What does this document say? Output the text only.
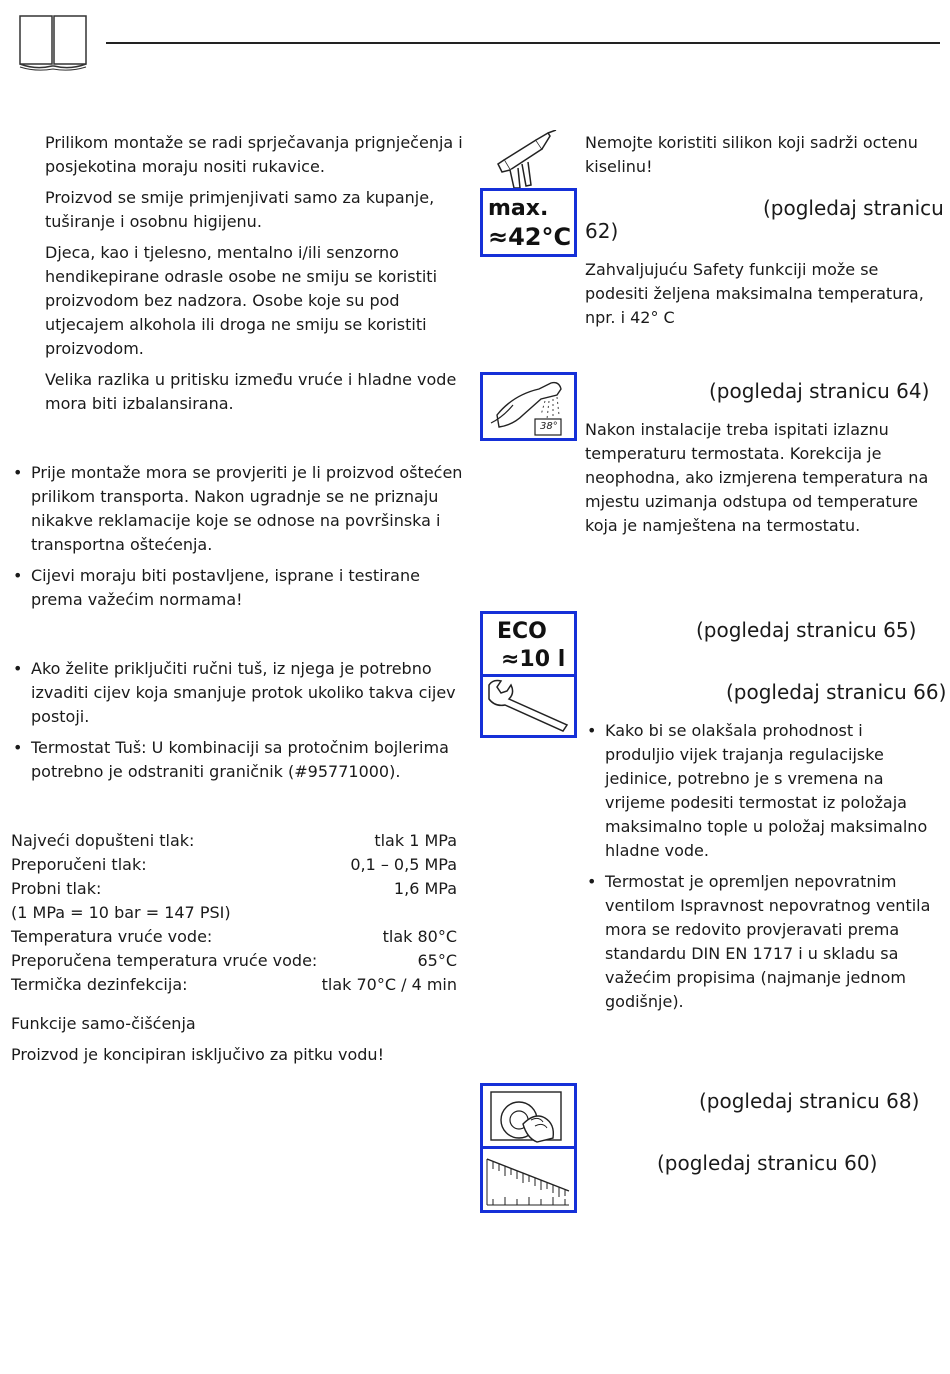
Prilikom montaže se radi sprječavanja prignječenja i posjekotina moraju nositi rukavice.

Proizvod se smije primjenjivati samo za kupanje, tuširanje i osobnu higijenu.

Djeca, kao i tjelesno, mentalno i/ili senzorno hendikepirane odrasle osobe ne smiju se koristiti proizvodom bez nadzora. Osobe koje su pod utjecajem alkohola ili droga ne smiju se koristiti proizvodom.

Velika razlika u pritisku između vruće i hladne vode mora biti izbalansirana.

• Prije montaže mora se provjeriti je li proizvod oštećen prilikom transporta. Nakon ugradnje se ne priznaju nikakve reklamacije koje se odnose na površinska i transportna oštećenja.
• Cijevi moraju biti postavljene, isprane i testirane prema važećim normama!
• Ako želite priključiti ručni tuš, iz njega je potrebno izvaditi cijev koja smanjuje protok ukoliko takva cijev postoji.
• Termostat Tuš: U kombinaciji sa protočnim bojlerima potrebno je odstraniti graničnik (#95771000).
Najveći dopušteni tlak:	tlak 1 MPa
Preporučeni tlak:	0,1 – 0,5 MPa
Probni tlak:	1,6 MPa
(1 MPa = 10 bar = 147 PSI)
Temperatura vruće vode:	tlak 80°C
Preporučena temperatura vruće vode:	65°C
Termička dezinfekcija:	tlak 70°C / 4 min
Funkcije samo-čišćenja
Proizvod je koncipiran isključivo za pitku vodu!
Nemojte koristiti silikon koji sadrži octenu kiselinu!
max.
≈42°C
(pogledaj stranicu
62)
Zahvaljujuću Safety funkciji može se podesiti željena maksimalna temperatura, npr. i 42° C
38°
(pogledaj stranicu 64)
Nakon instalacije treba ispitati izlaznu temperaturu termostata. Korekcija je neophodna, ako izmjerena temperatura na mjestu uzimanja odstupa od temperature koja je namještena na termostatu.
ECO
≈10 l
(pogledaj stranicu 65)
(pogledaj stranicu 66)
• Kako bi se olakšala prohodnost i produljio vijek trajanja regulacijske jedinice, potrebno je s vremena na vrijeme podesiti termostat iz položaja maksimalno tople u položaj maksimalno hladne vode.
• Termostat je opremljen nepovratnim ventilom Ispravnost nepovratnog ventila mora se redovito provjeravati prema standardu DIN EN 1717 i u skladu sa važećim propisima (najmanje jednom godišnje).
(pogledaj stranicu 68)
(pogledaj stranicu 60)
